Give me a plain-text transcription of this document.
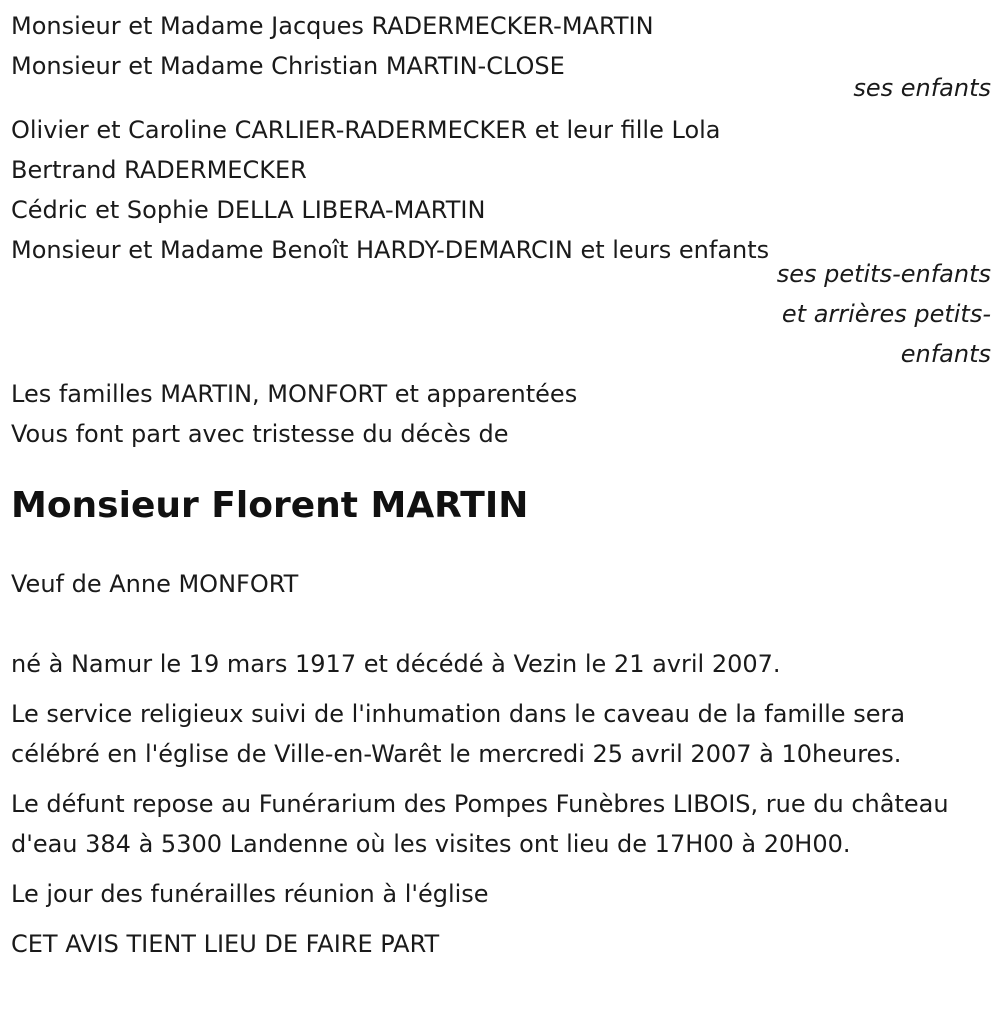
Monsieur et Madame Jacques RADERMECKER-MARTIN
Monsieur et Madame Christian MARTIN-CLOSE
ses enfants
Olivier et Caroline CARLIER-RADERMECKER et leur fille Lola
Bertrand RADERMECKER
Cédric et Sophie DELLA LIBERA-MARTIN
Monsieur et Madame Benoît HARDY-DEMARCIN et leurs enfants
ses petits-enfants
et arrières petits-
enfants
Les familles MARTIN, MONFORT et apparentées
Vous font part avec tristesse du décès de
Monsieur Florent MARTIN
Veuf de Anne MONFORT
né à Namur le 19 mars 1917 et décédé à Vezin le 21 avril 2007.
Le service religieux suivi de l'inhumation dans le caveau de la famille sera célébré en l'église de Ville-en-Warêt le mercredi 25 avril 2007 à 10heures.
Le défunt repose au Funérarium des Pompes Funèbres LIBOIS, rue du château d'eau 384 à 5300 Landenne où les visites ont lieu de 17H00 à 20H00.
Le jour des funérailles réunion à l'église
CET AVIS TIENT LIEU DE FAIRE PART
